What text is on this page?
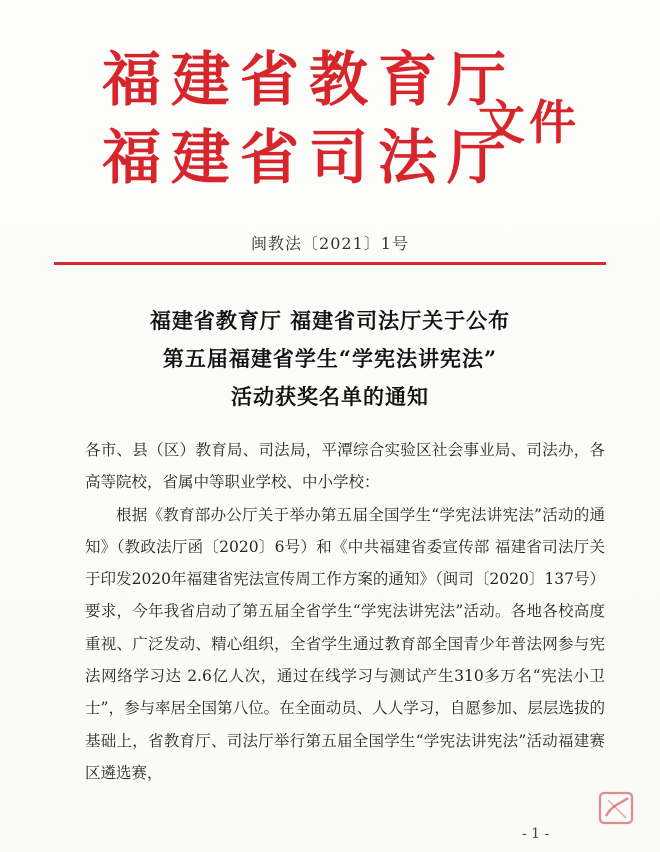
福建省教育厅
福建省司法厅
文件
闽教法〔2021〕1号
福建省教育厅 福建省司法厅关于公布
第五届福建省学生“学宪法讲宪法”
活动获奖名单的通知

各市、县（区）教育局、司法局，平潭综合实验区社会事业局、司法办，各高等院校，省属中等职业学校、中小学校：

根据《教育部办公厅关于举办第五届全国学生“学宪法讲宪法”活动的通知》（教政法厅函〔2020〕6号）和《中共福建省委宣传部 福建省司法厅关于印发2020年福建省宪法宣传周工作方案的通知》（闽司〔2020〕137号）要求，今年我省启动了第五届全省学生“学宪法讲宪法”活动。各地各校高度重视、广泛发动、精心组织，全省学生通过教育部全国青少年普法网参与宪法网络学习达 2.6亿人次，通过在线学习与测试产生310多万名“宪法小卫士”，参与率居全国第八位。在全面动员、人人学习，自愿参加、层层选拔的基础上，省教育厅、司法厅举行第五届全国学生“学宪法讲宪法”活动福建赛区遴选赛，

- 1 -
